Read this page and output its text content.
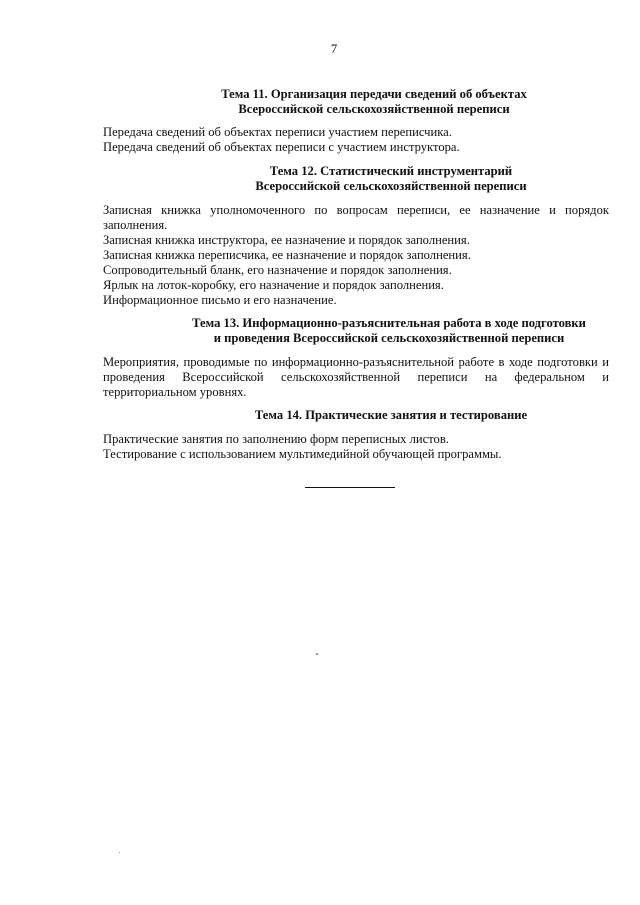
7
Тема 11. Организация передачи сведений об объектах
Всероссийской сельскохозяйственной переписи

Передача сведений об объектах переписи участием переписчика.

Передача сведений об объектах переписи с участием инструктора.

Тема 12. Статистический инструментарий
Всероссийской сельскохозяйственной переписи

Записная книжка уполномоченного по вопросам переписи, ее назначение и порядок заполнения.

Записная книжка инструктора, ее назначение и порядок заполнения.

Записная книжка переписчика, ее назначение и порядок заполнения.

Сопроводительный бланк, его назначение и порядок заполнения.

Ярлык на лоток-коробку, его назначение и порядок заполнения.

Информационное письмо и его назначение.

Тема 13. Информационно-разъяснительная работа в ходе подготовки
и проведения Всероссийской сельскохозяйственной переписи

Мероприятия, проводимые по информационно-разъяснительной работе в ходе подготовки и проведения Всероссийской сельскохозяйственной переписи на федеральном и территориальном уровнях.

Тема 14. Практические занятия и тестирование

Практические занятия по заполнению форм переписных листов.

Тестирование с использованием мультимедийной обучающей программы.
